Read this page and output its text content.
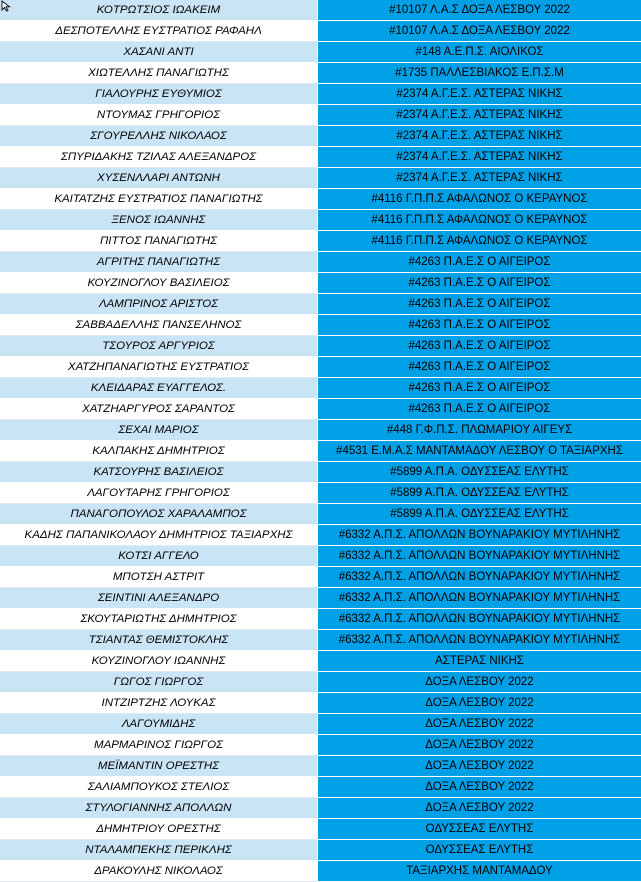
ΚΟΤΡΩΤΣΙΟΣ ΙΩΑΚΕΙΜ	#10107 Λ.Α.Σ ΔΟΞΑ ΛΕΣΒΟΥ 2022
ΔΕΣΠΟΤΕΛΛΗΣ ΕΥΣΤΡΑΤΙΟΣ ΡΑΦΑΗΛ	#10107 Λ.Α.Σ ΔΟΞΑ ΛΕΣΒΟΥ 2022
ΧΑΣΑΝΙ ΑΝΤΙ	#148 Α.Ε.Π.Σ. ΑΙΟΛΙΚΟΣ
ΧΙΩΤΕΛΛΗΣ ΠΑΝΑΓΙΩΤΗΣ	#1735 ΠΑΛΛΕΣΒΙΑΚΟΣ Ε.Π.Σ.Μ
ΓΙΑΛΟΥΡΗΣ ΕΥΘΥΜΙΟΣ	#2374 Α.Γ.Ε.Σ. ΑΣΤΕΡΑΣ ΝΙΚΗΣ
ΝΤΟΥΜΑΣ ΓΡΗΓΟΡΙΟΣ	#2374 Α.Γ.Ε.Σ. ΑΣΤΕΡΑΣ ΝΙΚΗΣ
ΣΓΟΥΡΕΛΛΗΣ ΝΙΚΟΛΑΟΣ	#2374 Α.Γ.Ε.Σ. ΑΣΤΕΡΑΣ ΝΙΚΗΣ
ΣΠΥΡΙΔΑΚΗΣ ΤΖΙΛΑΣ ΑΛΕΞΑΝΔΡΟΣ	#2374 Α.Γ.Ε.Σ. ΑΣΤΕΡΑΣ ΝΙΚΗΣ
ΧΥΣΕΝΛΛΑΡΙ ΑΝΤΩΝΗ	#2374 Α.Γ.Ε.Σ. ΑΣΤΕΡΑΣ ΝΙΚΗΣ
ΚΑΙΤΑΤΖΗΣ ΕΥΣΤΡΑΤΙΟΣ ΠΑΝΑΓΙΩΤΗΣ	#4116 Γ.Π.Π.Σ ΑΦΑΛΩΝΟΣ Ο ΚΕΡΑΥΝΟΣ
ΞΕΝΟΣ ΙΩΑΝΝΗΣ	#4116 Γ.Π.Π.Σ ΑΦΑΛΩΝΟΣ Ο ΚΕΡΑΥΝΟΣ
ΠΙΤΤΟΣ ΠΑΝΑΓΙΩΤΗΣ	#4116 Γ.Π.Π.Σ ΑΦΑΛΩΝΟΣ Ο ΚΕΡΑΥΝΟΣ
ΑΓΡΙΤΗΣ ΠΑΝΑΓΙΩΤΗΣ	#4263 Π.Α.Ε.Σ Ο ΑΙΓΕΙΡΟΣ
ΚΟΥΖΙΝΟΓΛΟΥ ΒΑΣΙΛΕΙΟΣ	#4263 Π.Α.Ε.Σ Ο ΑΙΓΕΙΡΟΣ
ΛΑΜΠΡΙΝΟΣ ΑΡΙΣΤΟΣ	#4263 Π.Α.Ε.Σ Ο ΑΙΓΕΙΡΟΣ
ΣΑΒΒΑΔΕΛΛΗΣ ΠΑΝΣΕΛΗΝΟΣ	#4263 Π.Α.Ε.Σ Ο ΑΙΓΕΙΡΟΣ
ΤΣΟΥΡΟΣ ΑΡΓΥΡΙΟΣ	#4263 Π.Α.Ε.Σ Ο ΑΙΓΕΙΡΟΣ
ΧΑΤΖΗΠΑΝΑΓΙΩΤΗΣ ΕΥΣΤΡΑΤΙΟΣ	#4263 Π.Α.Ε.Σ Ο ΑΙΓΕΙΡΟΣ
ΚΛΕΙΔΑΡΑΣ ΕΥΑΓΓΕΛΟΣ.	#4263 Π.Α.Ε.Σ Ο ΑΙΓΕΙΡΟΣ
ΧΑΤΖΗΑΡΓΥΡΟΣ ΣΑΡΑΝΤΟΣ	#4263 Π.Α.Ε.Σ Ο ΑΙΓΕΙΡΟΣ
ΣΕΧΑΙ ΜΑΡΙΟΣ	#448 Γ.Φ.Π.Σ. ΠΛΩΜΑΡΙΟΥ ΑΙΓΕΥΣ
ΚΑΛΠΑΚΗΣ ΔΗΜΗΤΡΙΟΣ	#4531 Ε.Μ.Α.Σ ΜΑΝΤΑΜΑΔΟΥ ΛΕΣΒΟΥ Ο ΤΑΞΙΑΡΧΗΣ
ΚΑΤΣΟΥΡΗΣ ΒΑΣΙΛΕΙΟΣ	#5899 Α.Π.Α. ΟΔΥΣΣΕΑΣ ΕΛΥΤΗΣ
ΛΑΓΟΥΤΑΡΗΣ ΓΡΗΓΟΡΙΟΣ	#5899 Α.Π.Α. ΟΔΥΣΣΕΑΣ ΕΛΥΤΗΣ
ΠΑΝΑΓΟΠΟΥΛΟΣ ΧΑΡΑΛΑΜΠΟΣ	#5899 Α.Π.Α. ΟΔΥΣΣΕΑΣ ΕΛΥΤΗΣ
ΚΑΔΗΣ ΠΑΠΑΝΙΚΟΛΑΟΥ ΔΗΜΗΤΡΙΟΣ ΤΑΞΙΑΡΧΗΣ	#6332 Α.Π.Σ. ΑΠΟΛΛΩΝ ΒΟΥΝΑΡΑΚΙΟΥ ΜΥΤΙΛΗΝΗΣ
ΚΟΤΣΙ ΑΓΓΕΛΟ	#6332 Α.Π.Σ. ΑΠΟΛΛΩΝ ΒΟΥΝΑΡΑΚΙΟΥ ΜΥΤΙΛΗΝΗΣ
ΜΠΟΤΣΗ ΑΣΤΡΙΤ	#6332 Α.Π.Σ. ΑΠΟΛΛΩΝ ΒΟΥΝΑΡΑΚΙΟΥ ΜΥΤΙΛΗΝΗΣ
ΣΕΙΝΤΙΝΙ ΑΛΕΞΑΝΔΡΟ	#6332 Α.Π.Σ. ΑΠΟΛΛΩΝ ΒΟΥΝΑΡΑΚΙΟΥ ΜΥΤΙΛΗΝΗΣ
ΣΚΟΥΤΑΡΙΩΤΗΣ ΔΗΜΗΤΡΙΟΣ	#6332 Α.Π.Σ. ΑΠΟΛΛΩΝ ΒΟΥΝΑΡΑΚΙΟΥ ΜΥΤΙΛΗΝΗΣ
ΤΣΙΑΝΤΑΣ ΘΕΜΙΣΤΟΚΛΗΣ	#6332 Α.Π.Σ. ΑΠΟΛΛΩΝ ΒΟΥΝΑΡΑΚΙΟΥ ΜΥΤΙΛΗΝΗΣ
ΚΟΥΖΙΝΟΓΛΟΥ ΙΩΑΝΝΗΣ	ΑΣΤΕΡΑΣ ΝΙΚΗΣ
ΓΩΓΟΣ ΓΙΩΡΓΟΣ	ΔΟΞΑ ΛΕΣΒΟΥ 2022
ΙΝΤΖΙΡΤΖΗΣ ΛΟΥΚΑΣ	ΔΟΞΑ ΛΕΣΒΟΥ 2022
ΛΑΓΟΥΜΙΔΗΣ	ΔΟΞΑ ΛΕΣΒΟΥ 2022
ΜΑΡΜΑΡΙΝΟΣ ΓΙΩΡΓΟΣ	ΔΟΞΑ ΛΕΣΒΟΥ 2022
ΜΕΪΜΑΝΤΙΝ ΟΡΕΣΤΗΣ	ΔΟΞΑ ΛΕΣΒΟΥ 2022
ΣΑΛΙΑΜΠΟΥΚΟΣ ΣΤΕΛΙΟΣ	ΔΟΞΑ ΛΕΣΒΟΥ 2022
ΣΤΥΛΟΓΙΑΝΝΗΣ ΑΠΟΛΛΩΝ	ΔΟΞΑ ΛΕΣΒΟΥ 2022
ΔΗΜΗΤΡΙΟΥ ΟΡΕΣΤΗΣ	ΟΔΥΣΣΕΑΣ ΕΛΥΤΗΣ
ΝΤΑΛΑΜΠΕΚΗΣ ΠΕΡΙΚΛΗΣ	ΟΔΥΣΣΕΑΣ ΕΛΥΤΗΣ
ΔΡΑΚΟΥΛΗΣ ΝΙΚΟΛΑΟΣ	ΤΑΞΙΑΡΧΗΣ ΜΑΝΤΑΜΑΔΟΥ
